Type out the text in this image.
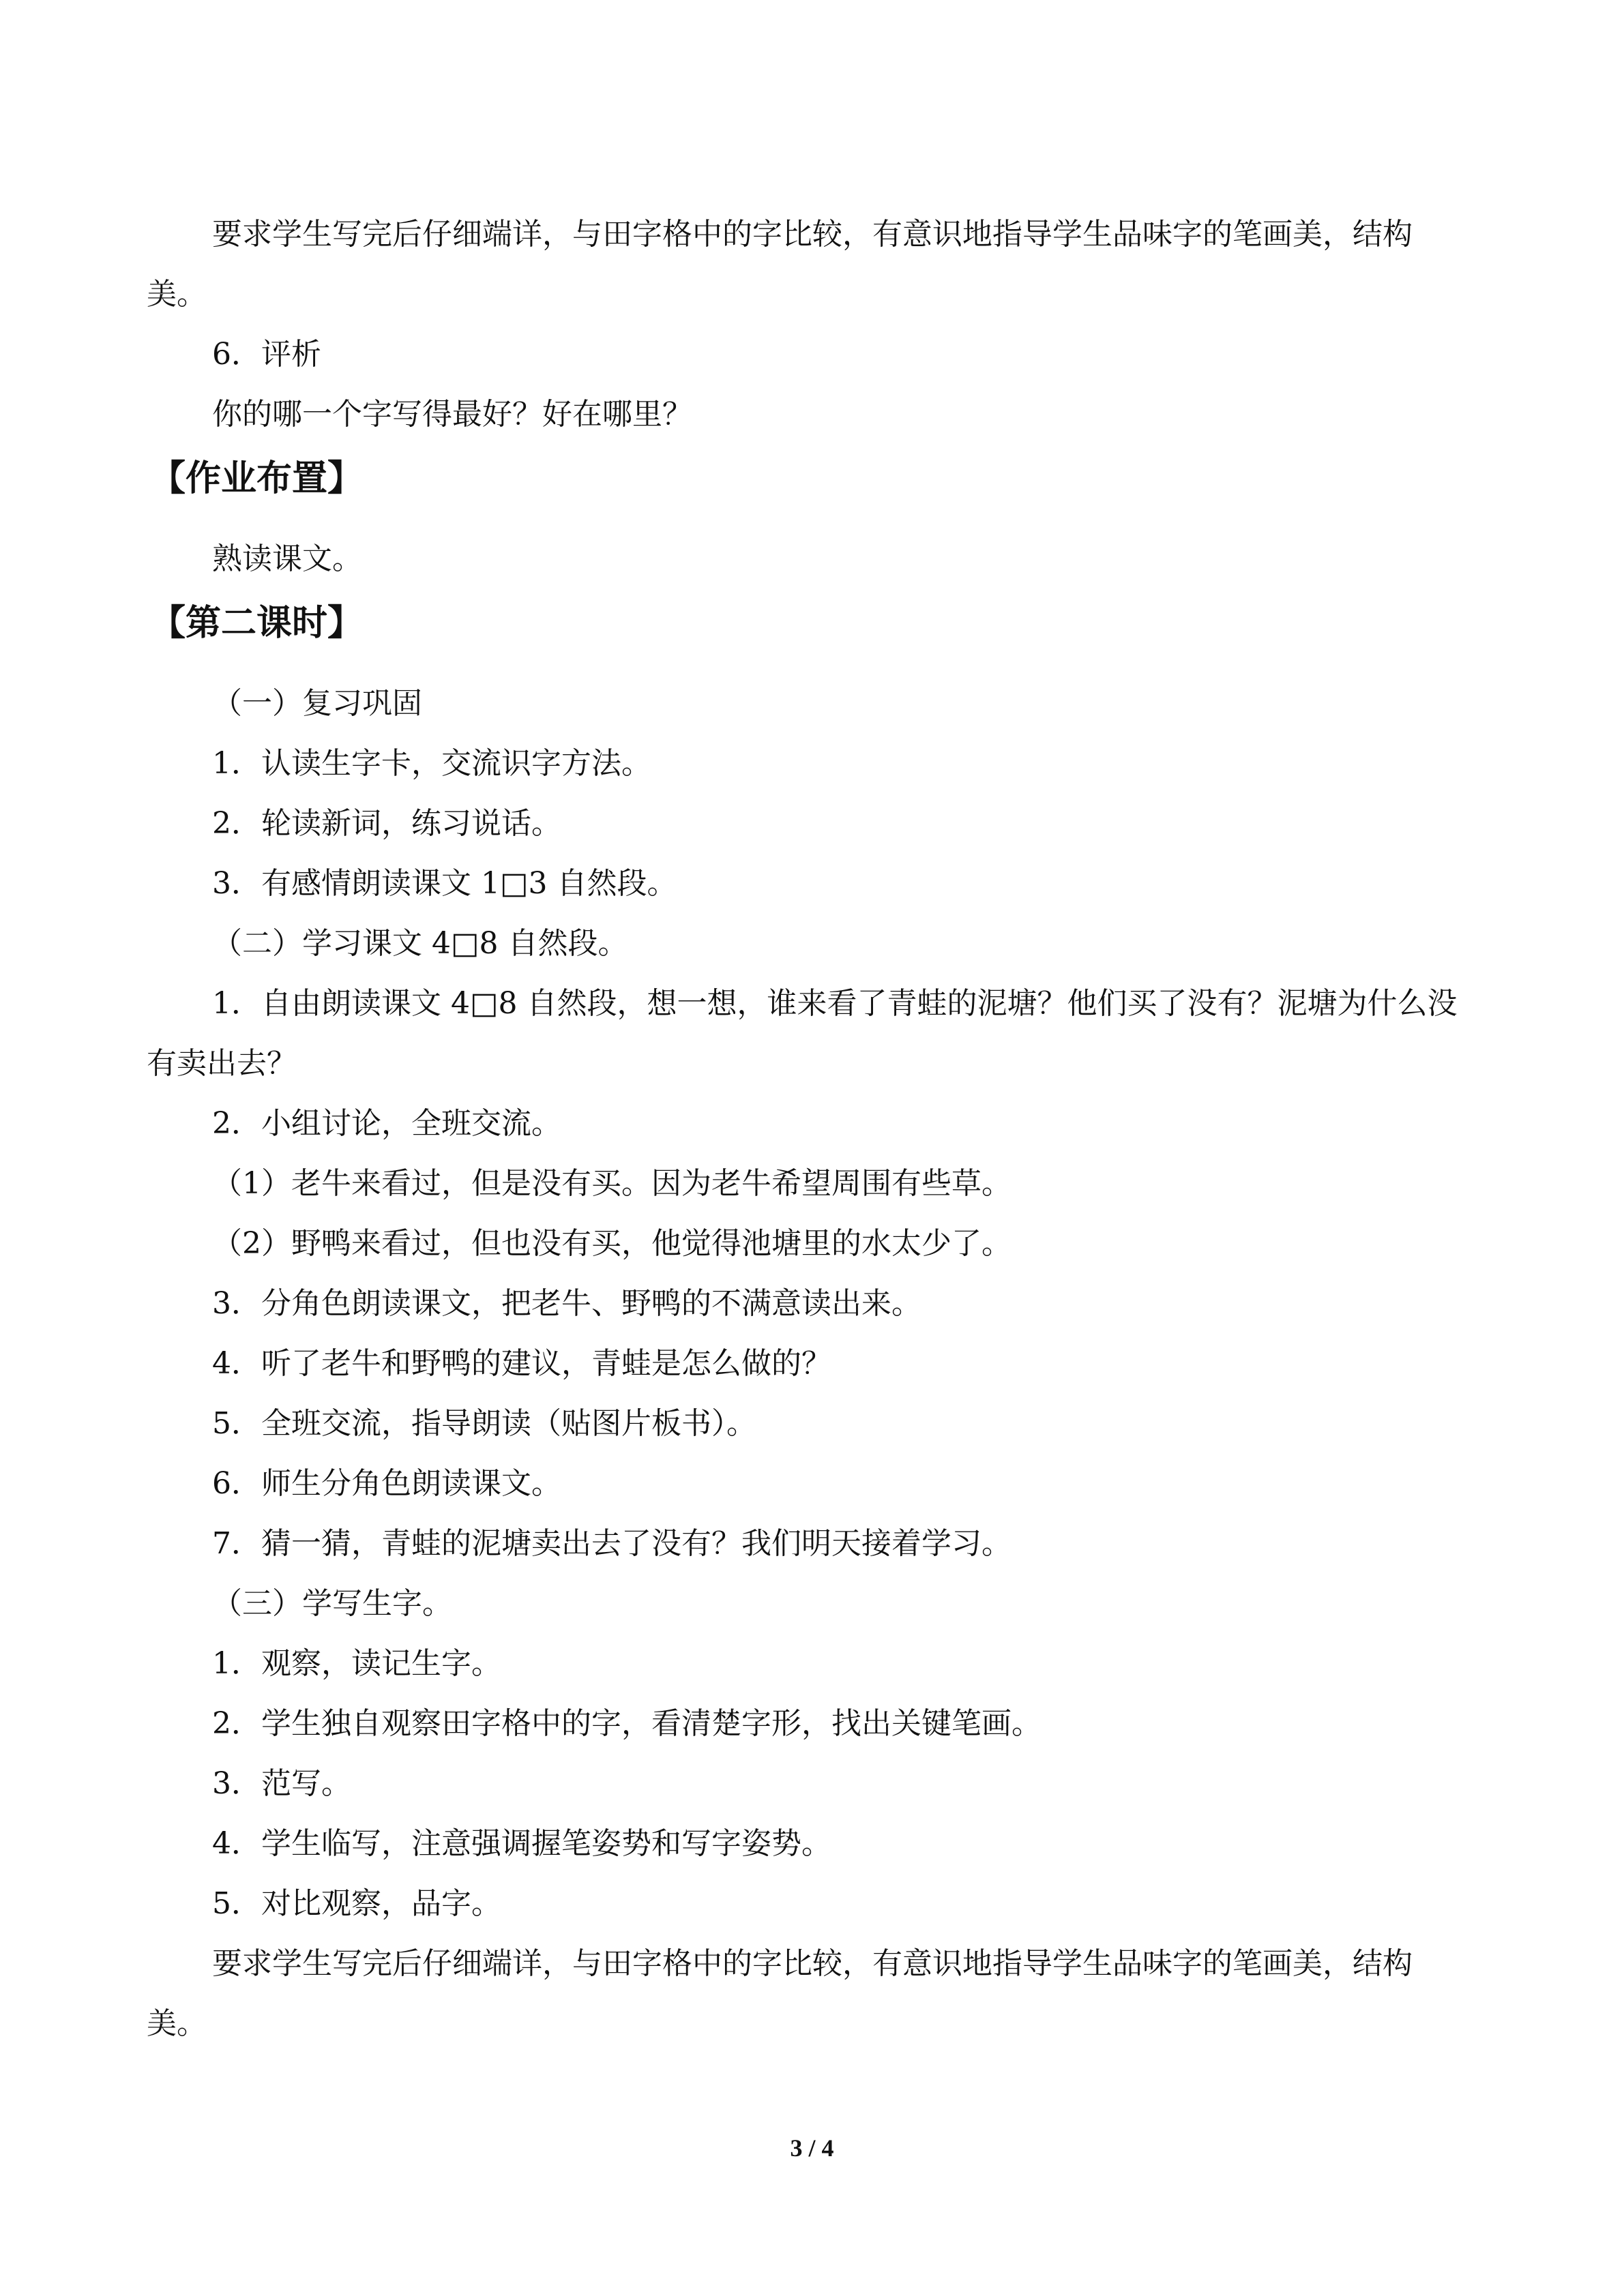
要求学生写完后仔细端详，与田字格中的字比较，有意识地指导学生品味字的笔画美，结构美。

6．评析

你的哪一个字写得最好？好在哪里？

【作业布置】

熟读课文。

【第二课时】

（一）复习巩固

1．认读生字卡，交流识字方法。

2．轮读新词，练习说话。

3．有感情朗读课文 1□3 自然段。

（二）学习课文 4□8 自然段。

1．自由朗读课文 4□8 自然段，想一想，谁来看了青蛙的泥塘？他们买了没有？泥塘为什么没有卖出去？

2．小组讨论，全班交流。

（1）老牛来看过，但是没有买。因为老牛希望周围有些草。

（2）野鸭来看过，但也没有买，他觉得池塘里的水太少了。

3．分角色朗读课文，把老牛、野鸭的不满意读出来。

4．听了老牛和野鸭的建议，青蛙是怎么做的？

5．全班交流，指导朗读（贴图片板书）。

6．师生分角色朗读课文。

7．猜一猜，青蛙的泥塘卖出去了没有？我们明天接着学习。

（三）学写生字。

1．观察，读记生字。

2．学生独自观察田字格中的字，看清楚字形，找出关键笔画。

3．范写。

4．学生临写，注意强调握笔姿势和写字姿势。

5．对比观察，品字。

要求学生写完后仔细端详，与田字格中的字比较，有意识地指导学生品味字的笔画美，结构美。

3 / 4
